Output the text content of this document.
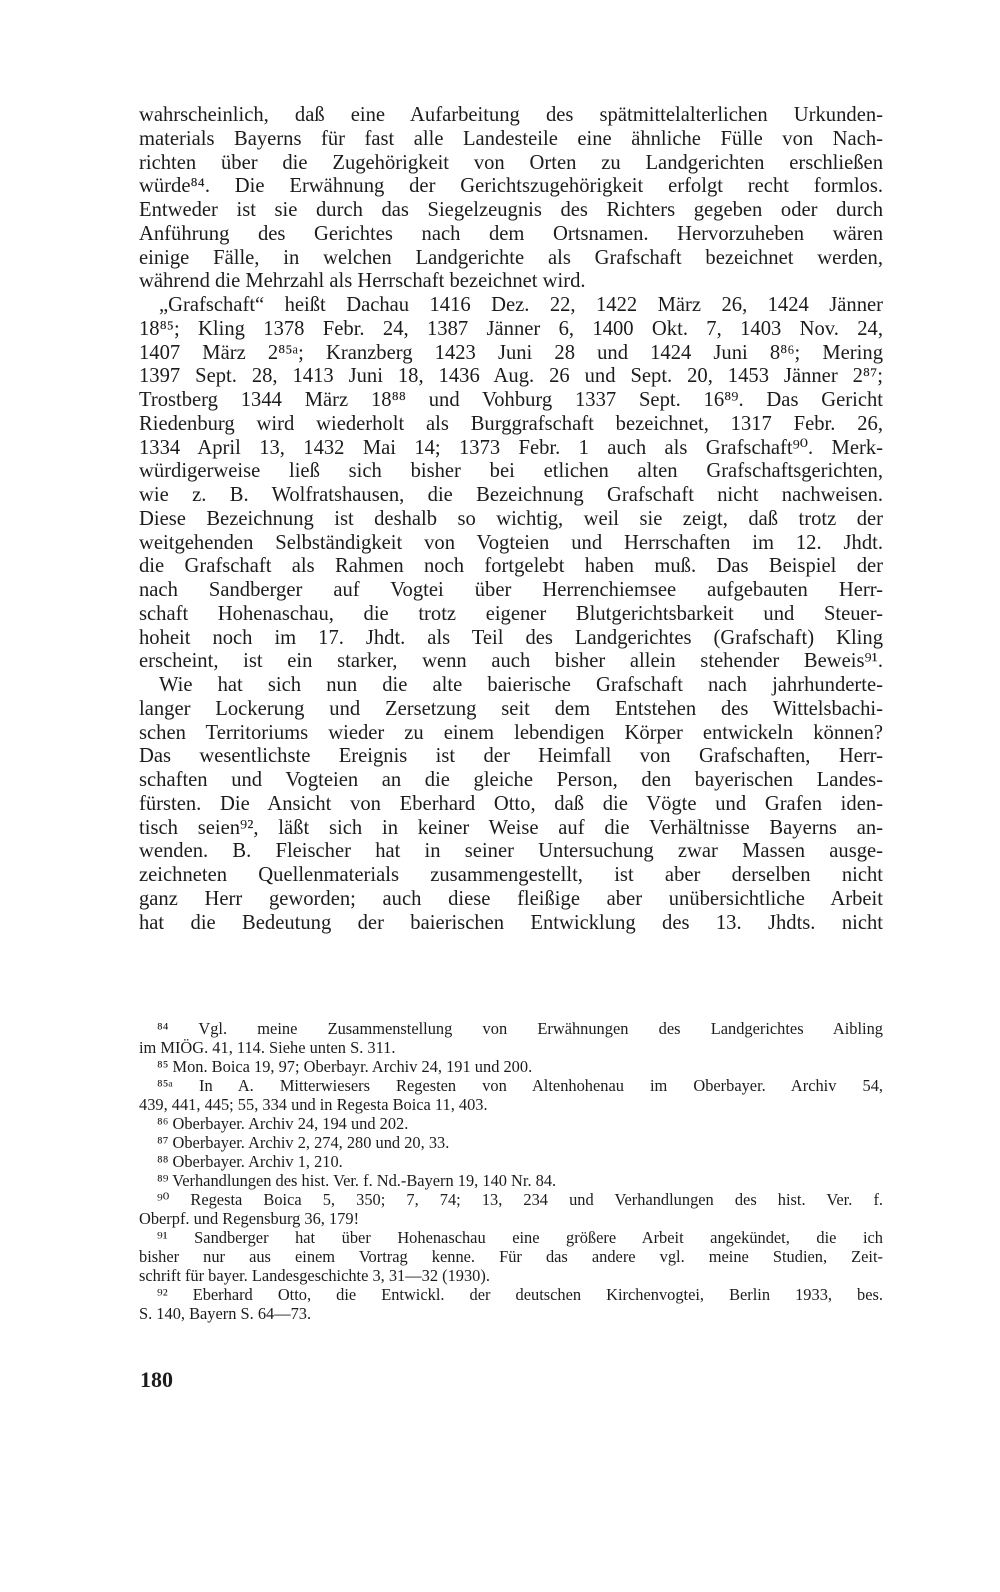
wahrscheinlich, daß eine Aufarbeitung des spätmittelalterlichen Urkunden-
materials Bayerns für fast alle Landesteile eine ähnliche Fülle von Nach-
richten über die Zugehörigkeit von Orten zu Landgerichten erschließen
würde⁸⁴. Die Erwähnung der Gerichtszugehörigkeit erfolgt recht formlos.
Entweder ist sie durch das Siegelzeugnis des Richters gegeben oder durch
Anführung des Gerichtes nach dem Ortsnamen. Hervorzuheben wären
einige Fälle, in welchen Landgerichte als Grafschaft bezeichnet werden,
während die Mehrzahl als Herrschaft bezeichnet wird.
„Grafschaft“ heißt Dachau 1416 Dez. 22, 1422 März 26, 1424 Jänner
18⁸⁵; Kling 1378 Febr. 24, 1387 Jänner 6, 1400 Okt. 7, 1403 Nov. 24,
1407 März 2⁸⁵ᵃ; Kranzberg 1423 Juni 28 und 1424 Juni 8⁸⁶; Mering
1397 Sept. 28, 1413 Juni 18, 1436 Aug. 26 und Sept. 20, 1453 Jänner 2⁸⁷;
Trostberg 1344 März 18⁸⁸ und Vohburg 1337 Sept. 16⁸⁹. Das Gericht
Riedenburg wird wiederholt als Burggrafschaft bezeichnet, 1317 Febr. 26,
1334 April 13, 1432 Mai 14; 1373 Febr. 1 auch als Grafschaft⁹⁰. Merk-
würdigerweise ließ sich bisher bei etlichen alten Grafschaftsgerichten,
wie z. B. Wolfratshausen, die Bezeichnung Grafschaft nicht nachweisen.
Diese Bezeichnung ist deshalb so wichtig, weil sie zeigt, daß trotz der
weitgehenden Selbständigkeit von Vogteien und Herrschaften im 12. Jhdt.
die Grafschaft als Rahmen noch fortgelebt haben muß. Das Beispiel der
nach Sandberger auf Vogtei über Herrenchiemsee aufgebauten Herr-
schaft Hohenaschau, die trotz eigener Blutgerichtsbarkeit und Steuer-
hoheit noch im 17. Jhdt. als Teil des Landgerichtes (Grafschaft) Kling
erscheint, ist ein starker, wenn auch bisher allein stehender Beweis⁹¹.
Wie hat sich nun die alte baierische Grafschaft nach jahrhunderte-
langer Lockerung und Zersetzung seit dem Entstehen des Wittelsbachi-
schen Territoriums wieder zu einem lebendigen Körper entwickeln können?
Das wesentlichste Ereignis ist der Heimfall von Grafschaften, Herr-
schaften und Vogteien an die gleiche Person, den bayerischen Landes-
fürsten. Die Ansicht von Eberhard Otto, daß die Vögte und Grafen iden-
tisch seien⁹², läßt sich in keiner Weise auf die Verhältnisse Bayerns an-
wenden. B. Fleischer hat in seiner Untersuchung zwar Massen ausge-
zeichneten Quellenmaterials zusammengestellt, ist aber derselben nicht
ganz Herr geworden; auch diese fleißige aber unübersichtliche Arbeit
hat die Bedeutung der baierischen Entwicklung des 13. Jhdts. nicht
⁸⁴ Vgl. meine Zusammenstellung von Erwähnungen des Landgerichtes Aibling
im MIÖG. 41, 114. Siehe unten S. 311.
⁸⁵ Mon. Boica 19, 97; Oberbayr. Archiv 24, 191 und 200.
⁸⁵ᵃ In A. Mitterwiesers Regesten von Altenhohenau im Oberbayer. Archiv 54,
439, 441, 445; 55, 334 und in Regesta Boica 11, 403.
⁸⁶ Oberbayer. Archiv 24, 194 und 202.
⁸⁷ Oberbayer. Archiv 2, 274, 280 und 20, 33.
⁸⁸ Oberbayer. Archiv 1, 210.
⁸⁹ Verhandlungen des hist. Ver. f. Nd.-Bayern 19, 140 Nr. 84.
⁹⁰ Regesta Boica 5, 350; 7, 74; 13, 234 und Verhandlungen des hist. Ver. f.
Oberpf. und Regensburg 36, 179!
⁹¹ Sandberger hat über Hohenaschau eine größere Arbeit angekündet, die ich
bisher nur aus einem Vortrag kenne. Für das andere vgl. meine Studien, Zeit-
schrift für bayer. Landesgeschichte 3, 31—32 (1930).
⁹² Eberhard Otto, die Entwickl. der deutschen Kirchenvogtei, Berlin 1933, bes.
S. 140, Bayern S. 64—73.
180
